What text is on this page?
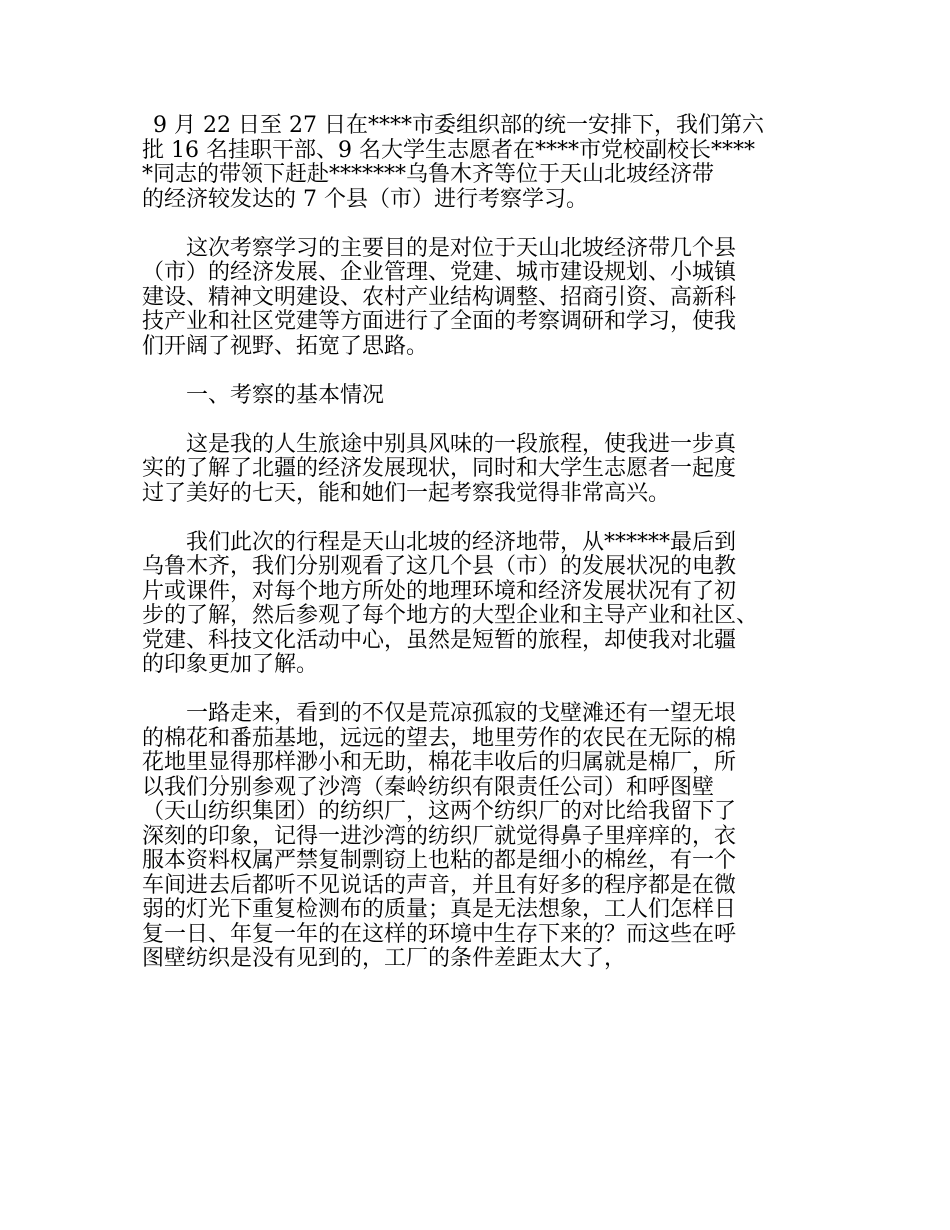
9 月 22 日至 27 日在****市委组织部的统一安排下，我们第六
批 16 名挂职干部、9 名大学生志愿者在****市党校副校长****
*同志的带领下赶赴*******乌鲁木齐等位于天山北坡经济带
的经济较发达的 7 个县（市）进行考察学习。

这次考察学习的主要目的是对位于天山北坡经济带几个县
（市）的经济发展、企业管理、党建、城市建设规划、小城镇
建设、精神文明建设、农村产业结构调整、招商引资、高新科
技产业和社区党建等方面进行了全面的考察调研和学习，使我
们开阔了视野、拓宽了思路。

一、考察的基本情况

这是我的人生旅途中别具风味的一段旅程，使我进一步真
实的了解了北疆的经济发展现状，同时和大学生志愿者一起度
过了美好的七天，能和她们一起考察我觉得非常高兴。

我们此次的行程是天山北坡的经济地带，从******最后到
乌鲁木齐，我们分别观看了这几个县（市）的发展状况的电教
片或课件，对每个地方所处的地理环境和经济发展状况有了初
步的了解，然后参观了每个地方的大型企业和主导产业和社区、
党建、科技文化活动中心，虽然是短暂的旅程，却使我对北疆
的印象更加了解。

一路走来，看到的不仅是荒凉孤寂的戈壁滩还有一望无垠
的棉花和番茄基地，远远的望去，地里劳作的农民在无际的棉
花地里显得那样渺小和无助，棉花丰收后的归属就是棉厂，所
以我们分别参观了沙湾（秦岭纺织有限责任公司）和呼图壁
（天山纺织集团）的纺织厂，这两个纺织厂的对比给我留下了
深刻的印象，记得一进沙湾的纺织厂就觉得鼻子里痒痒的，衣
服本资料权属严禁复制剽窃上也粘的都是细小的棉丝，有一个
车间进去后都听不见说话的声音，并且有好多的程序都是在微
弱的灯光下重复检测布的质量；真是无法想象，工人们怎样日
复一日、年复一年的在这样的环境中生存下来的？而这些在呼
图壁纺织是没有见到的，工厂的条件差距太大了，
